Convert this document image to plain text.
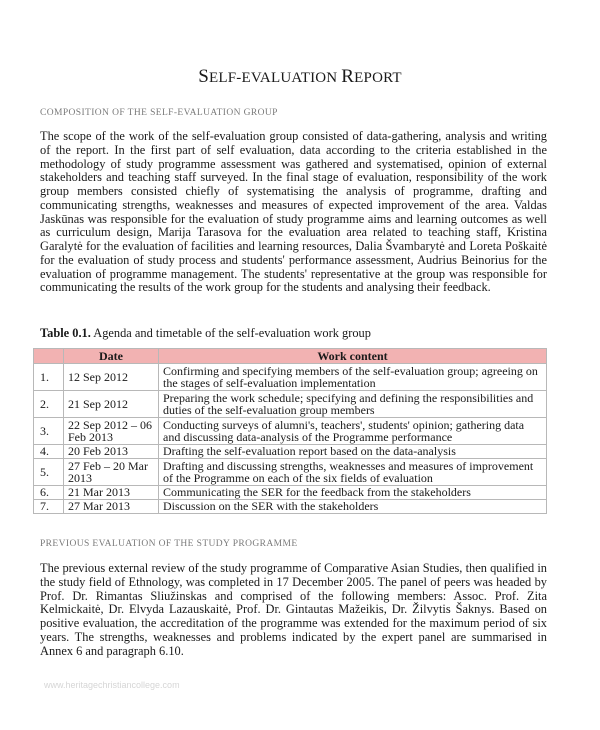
SELF-EVALUATION REPORT
COMPOSITION OF THE SELF-EVALUATION GROUP

The scope of the work of the self-evaluation group consisted of data-gathering, analysis and writing of the report. In the first part of self evaluation, data according to the criteria established in the methodology of study programme assessment was gathered and systematised, opinion of external stakeholders and teaching staff surveyed. In the final stage of evaluation, responsibility of the work group members consisted chiefly of systematising the analysis of programme, drafting and communicating strengths, weaknesses and measures of expected improvement of the area. Valdas Jaskūnas was responsible for the evaluation of study programme aims and learning outcomes as well as curriculum design, Marija Tarasova for the evaluation area related to teaching staff, Kristina Garalytė for the evaluation of facilities and learning resources, Dalia Švambarytė and Loreta Poškaitė for the evaluation of study process and students' performance assessment, Audrius Beinorius for the evaluation of programme management. The students' representative at the group was responsible for communicating the results of the work group for the students and analysing their feedback.

Table 0.1. Agenda and timetable of the self-evaluation work group
	Date	Work content
1.	12 Sep 2012	Confirming and specifying members of the self-evaluation group; agreeing on the stages of self-evaluation implementation
2.	21 Sep 2012	Preparing the work schedule; specifying and defining the responsibilities and duties of the self-evaluation group members
3.	22 Sep 2012 – 06 Feb 2013	Conducting surveys of alumni's, teachers', students' opinion; gathering data and discussing data-analysis of the Programme performance
4.	20 Feb 2013	Drafting the self-evaluation report based on the data-analysis
5.	27 Feb – 20 Mar 2013	Drafting and discussing strengths, weaknesses and measures of improvement of the Programme on each of the six fields of evaluation
6.	21 Mar 2013	Communicating the SER for the feedback from the stakeholders
7.	27 Mar 2013	Discussion on the SER with the stakeholders
PREVIOUS EVALUATION OF THE STUDY PROGRAMME

The previous external review of the study programme of Comparative Asian Studies, then qualified in the study field of Ethnology, was completed in 17 December 2005. The panel of peers was headed by Prof. Dr. Rimantas Sliužinskas and comprised of the following members: Assoc. Prof. Zita Kelmickaitė, Dr. Elvyda Lazauskaitė, Prof. Dr. Gintautas Mažeikis, Dr. Žilvytis Šaknys. Based on positive evaluation, the accreditation of the programme was extended for the maximum period of six years. The strengths, weaknesses and problems indicated by the expert panel are summarised in Annex 6 and paragraph 6.10.

www.heritagechristiancollege.com
